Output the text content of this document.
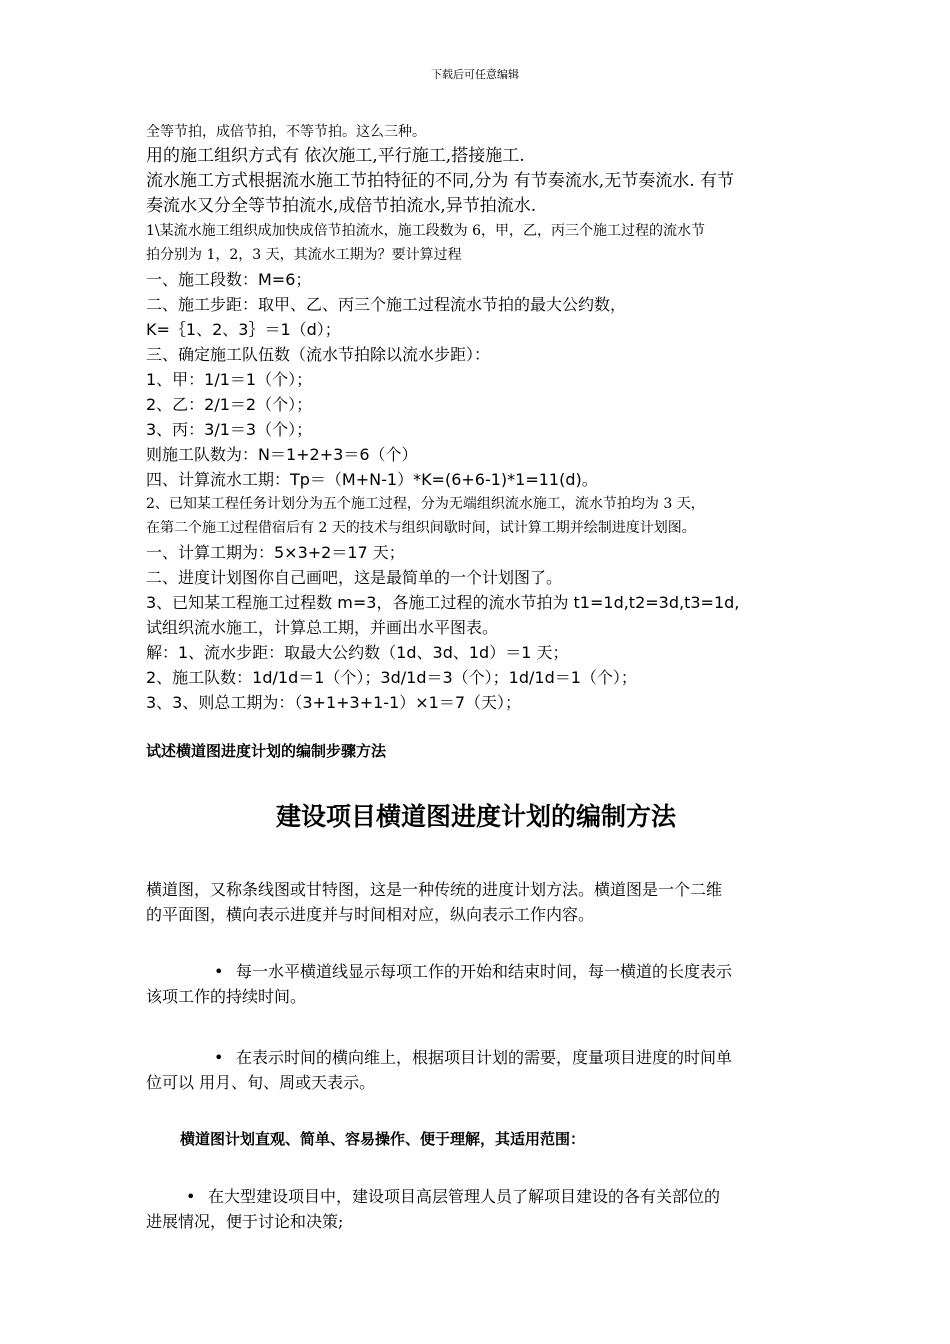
下载后可任意编辑

全等节拍，成倍节拍，不等节拍。这么三种。

用的施工组织方式有 依次施工,平行施工,搭接施工.

流水施工方式根据流水施工节拍特征的不同,分为 有节奏流水,无节奏流水. 有节

奏流水又分全等节拍流水,成倍节拍流水,异节拍流水.

1\某流水施工组织成加快成倍节拍流水，施工段数为 6，甲，乙，丙三个施工过程的流水节

拍分别为 1，2，3 天，其流水工期为？要计算过程

一、施工段数：M=6；

二、施工步距：取甲、乙、丙三个施工过程流水节拍的最大公约数，

K=｛1、2、3｝＝1（d）；

三、确定施工队伍数（流水节拍除以流水步距）：

1、甲：1/1＝1（个）；

2、乙：2/1＝2（个）；

3、丙：3/1＝3（个）；

则施工队数为：N＝1+2+3＝6（个）

四、计算流水工期：Tp＝（M+N-1）*K=(6+6-1)*1=11(d)。

2、已知某工程任务计划分为五个施工过程，分为无端组织流水施工，流水节拍均为 3 天，

在第二个施工过程借宿后有 2 天的技术与组织间歇时间，试计算工期并绘制进度计划图。

一、计算工期为：5×3+2＝17 天；

二、进度计划图你自己画吧，这是最简单的一个计划图了。

3、已知某工程施工过程数 m=3，各施工过程的流水节拍为 t1=1d,t2=3d,t3=1d,

试组织流水施工，计算总工期，并画出水平图表。

解：1、流水步距：取最大公约数（1d、3d、1d）＝1 天；

2、施工队数：1d/1d＝1（个）；3d/1d＝3（个）；1d/1d＝1（个）；

3、3、则总工期为：（3+1+3+1-1）×1＝7（天）；

试述横道图进度计划的编制步骤方法

建设项目横道图进度计划的编制方法

横道图，又称条线图或甘特图，这是一种传统的进度计划方法。横道图是一个二维

的平面图，横向表示进度并与时间相对应，纵向表示工作内容。

• 每一水平横道线显示每项工作的开始和结束时间，每一横道的长度表示

该项工作的持续时间。

• 在表示时间的横向维上，根据项目计划的需要，度量项目进度的时间单

位可以 用月、旬、周或天表示。

横道图计划直观、简单、容易操作、便于理解，其适用范围：

• 在大型建设项目中，建设项目高层管理人员了解项目建设的各有关部位的

进展情况，便于讨论和决策;
